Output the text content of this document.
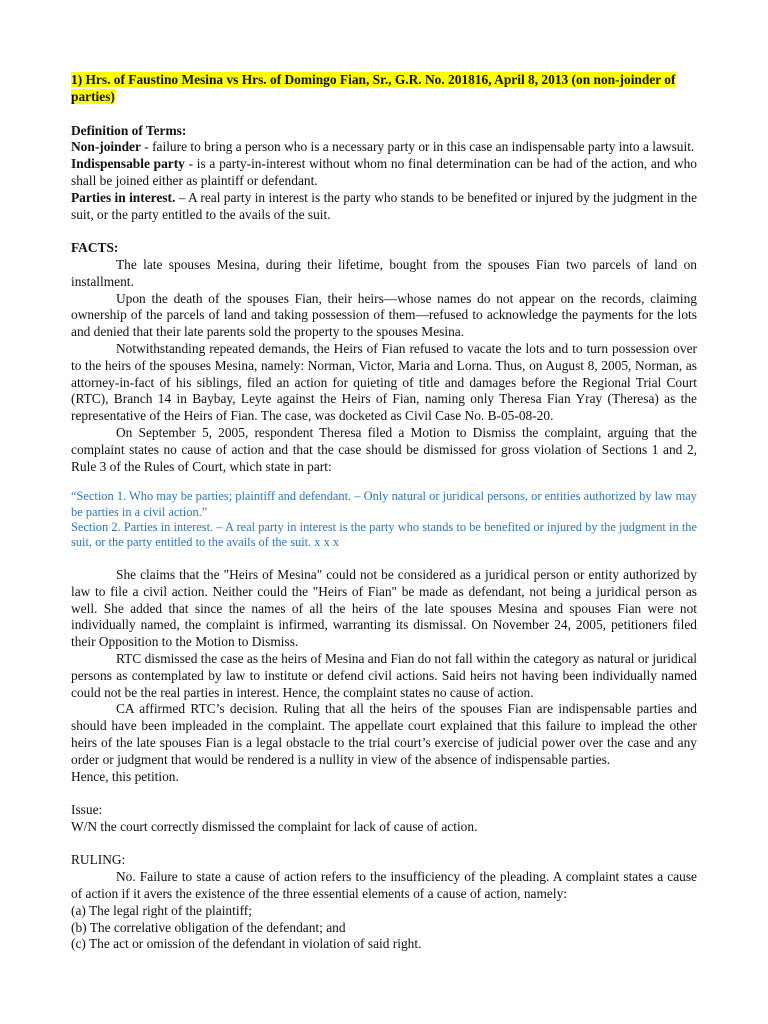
1) Hrs. of Faustino Mesina vs Hrs. of Domingo Fian, Sr., G.R. No. 201816, April 8, 2013 (on non-joinder of parties)

Definition of Terms:

Non-joinder - failure to bring a person who is a necessary party or in this case an indispensable party into a lawsuit.

Indispensable party - is a party-in-interest without whom no final determination can be had of the action, and who shall be joined either as plaintiff or defendant.

Parties in interest. – A real party in interest is the party who stands to be benefited or injured by the judgment in the suit, or the party entitled to the avails of the suit.

FACTS:

The late spouses Mesina, during their lifetime, bought from the spouses Fian two parcels of land on installment.

Upon the death of the spouses Fian, their heirs—whose names do not appear on the records, claiming ownership of the parcels of land and taking possession of them—refused to acknowledge the payments for the lots and denied that their late parents sold the property to the spouses Mesina.

Notwithstanding repeated demands, the Heirs of Fian refused to vacate the lots and to turn possession over to the heirs of the spouses Mesina, namely: Norman, Victor, Maria and Lorna. Thus, on August 8, 2005, Norman, as attorney-in-fact of his siblings, filed an action for quieting of title and damages before the Regional Trial Court (RTC), Branch 14 in Baybay, Leyte against the Heirs of Fian, naming only Theresa Fian Yray (Theresa) as the representative of the Heirs of Fian. The case, was docketed as Civil Case No. B-05-08-20.

On September 5, 2005, respondent Theresa filed a Motion to Dismiss the complaint, arguing that the complaint states no cause of action and that the case should be dismissed for gross violation of Sections 1 and 2, Rule 3 of the Rules of Court, which state in part:

“Section 1. Who may be parties; plaintiff and defendant. – Only natural or juridical persons, or entities authorized by law may be parties in a civil action.”

Section 2. Parties in interest. – A real party in interest is the party who stands to be benefited or injured by the judgment in the suit, or the party entitled to the avails of the suit. x x x

She claims that the "Heirs of Mesina" could not be considered as a juridical person or entity authorized by law to file a civil action. Neither could the "Heirs of Fian" be made as defendant, not being a juridical person as well. She added that since the names of all the heirs of the late spouses Mesina and spouses Fian were not individually named, the complaint is infirmed, warranting its dismissal. On November 24, 2005, petitioners filed their Opposition to the Motion to Dismiss.

RTC dismissed the case as the heirs of Mesina and Fian do not fall within the category as natural or juridical persons as contemplated by law to institute or defend civil actions. Said heirs not having been individually named could not be the real parties in interest. Hence, the complaint states no cause of action.

CA affirmed RTC’s decision. Ruling that all the heirs of the spouses Fian are indispensable parties and should have been impleaded in the complaint. The appellate court explained that this failure to implead the other heirs of the late spouses Fian is a legal obstacle to the trial court’s exercise of judicial power over the case and any order or judgment that would be rendered is a nullity in view of the absence of indispensable parties.

Hence, this petition.

Issue:

W/N the court correctly dismissed the complaint for lack of cause of action.

RULING:

No. Failure to state a cause of action refers to the insufficiency of the pleading. A complaint states a cause of action if it avers the existence of the three essential elements of a cause of action, namely:

(a) The legal right of the plaintiff;

(b) The correlative obligation of the defendant; and

(c) The act or omission of the defendant in violation of said right.
